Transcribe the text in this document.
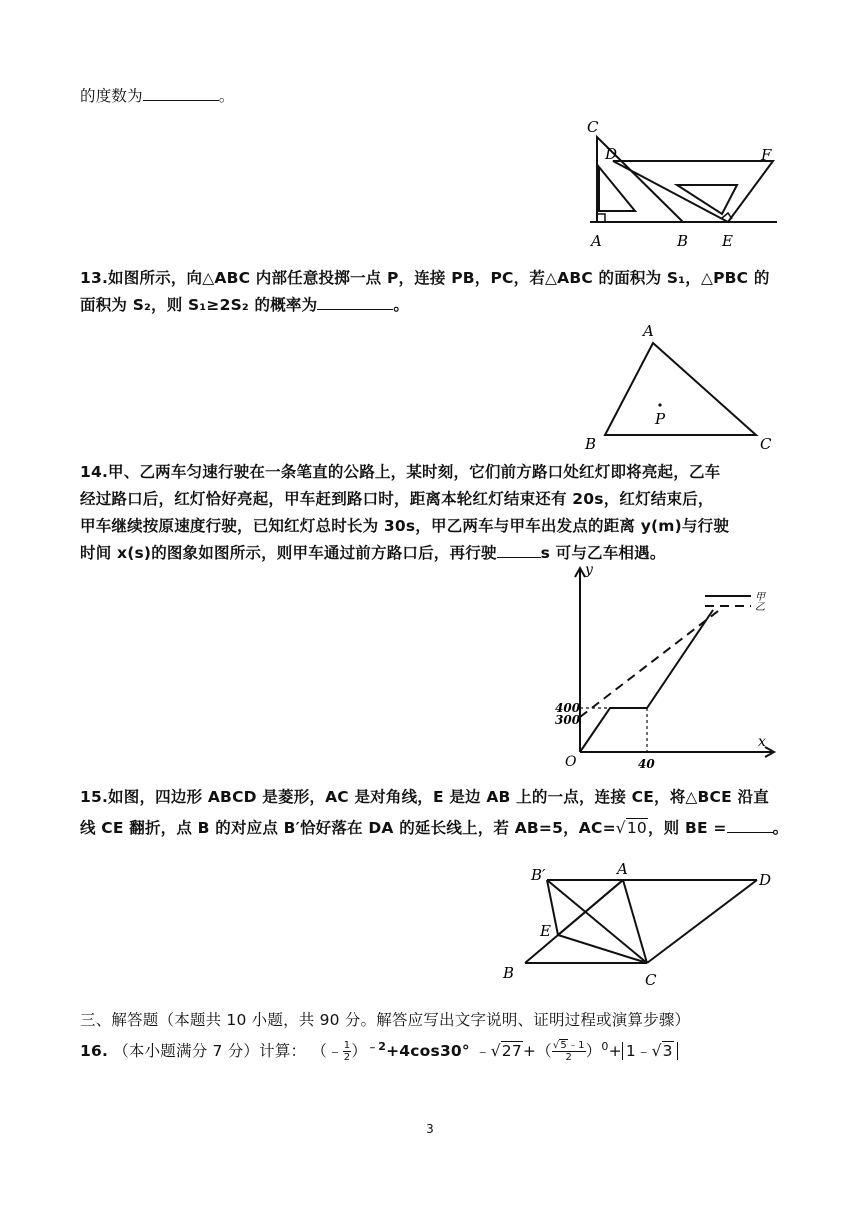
的度数为	。
C
D	F
A	B E
13.如图所示，向△ABC 内部任意投掷一点 P，连接 PB，PC，若△ABC 的面积为 S₁，△PBC 的
面积为 S₂，则 S₁≥2S₂ 的概率为	。
A
B	C
P
14.甲、乙两车匀速行驶在一条笔直的公路上，某时刻，它们前方路口处红灯即将亮起，乙车
经过路口后，红灯恰好亮起，甲车赶到路口时，距离本轮红灯结束还有 20s，红灯结束后，
甲车继续按原速度行驶，已知红灯总时长为 30s，甲乙两车与甲车出发点的距离 y(m)与行驶
时间 x(s)的图象如图所示，则甲车通过前方路口后，再行驶	s 可与乙车相遇。
y
x
O
400
300
40
甲
乙
15.如图，四边形 ABCD 是菱形，AC 是对角线，E 是边 AB 上的一点，连接 CE，将△BCE 沿直
线 CE 翻折，点 B 的对应点 B′恰好落在 DA 的延长线上，若 AB=5，AC=√10，则 BE =	。
B′	A
D
E
B	C
三、解答题（本题共 10 小题，共 90 分。解答应写出文字说明、证明过程或演算步骤）
16. （本小题满分 7 分）计算： （﹣ $\frac{1}{2} )^{﹣2}+4\cos 30^\circ$ ﹣√27+（ $\frac{√5﹣1}{2} )^0+$ 1﹣√3
3
